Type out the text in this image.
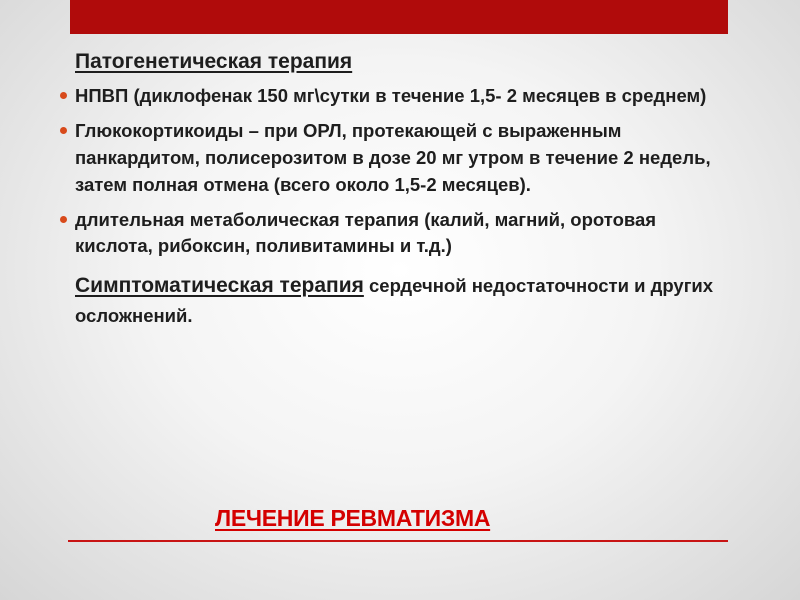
Патогенетическая терапия

НПВП (диклофенак 150 мг\сутки в течение 1,5- 2 месяцев в среднем)
Глюкокортикоиды – при ОРЛ, протекающей с выраженным панкардитом, полисерозитом в дозе 20 мг утром в течение 2 недель, затем полная отмена (всего около 1,5-2 месяцев).
длительная метаболическая терапия (калий, магний, оротовая кислота, рибоксин, поливитамины и т.д.)

Симптоматическая терапия сердечной недостаточности и других осложнений.

ЛЕЧЕНИЕ РЕВМАТИЗМА
